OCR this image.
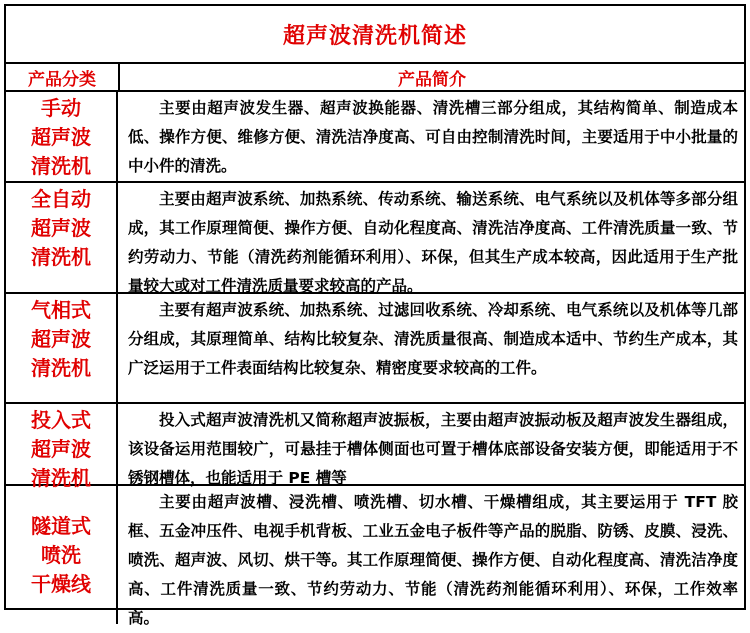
超声波清洗机简述
产品分类	产品简介
手动
超声波
清洗机
主要由超声波发生器、超声波换能器、清洗槽三部分组成，其结构简单、制造成本低、操作方便、维修方便、清洗洁净度高、可自由控制清洗时间，主要适用于中小批量的中小件的清洗。
全自动
超声波
清洗机
主要由超声波系统、加热系统、传动系统、输送系统、电气系统以及机体等多部分组成，其工作原理简便、操作方便、自动化程度高、清洗洁净度高、工件清洗质量一致、节约劳动力、节能（清洗药剂能循环利用）、环保，但其生产成本较高，因此适用于生产批量较大或对工件清洗质量要求较高的产品。
气相式
超声波
清洗机
主要有超声波系统、加热系统、过滤回收系统、冷却系统、电气系统以及机体等几部分组成，其原理简单、结构比较复杂、清洗质量很高、制造成本适中、节约生产成本，其广泛运用于工件表面结构比较复杂、精密度要求较高的工件。
投入式
超声波
清洗机
投入式超声波清洗机又简称超声波振板，主要由超声波振动板及超声波发生器组成，该设备运用范围较广，可悬挂于槽体侧面也可置于槽体底部设备安装方便，即能适用于不锈钢槽体，也能适用于 PE 槽等
隧道式
喷洗
干燥线
主要由超声波槽、浸洗槽、喷洗槽、切水槽、干燥槽组成，其主要运用于 TFT 胶框、五金冲压件、电视手机背板、工业五金电子板件等产品的脱脂、防锈、皮膜、浸洗、喷洗、超声波、风切、烘干等。其工作原理简便、操作方便、自动化程度高、清洗洁净度高、工件清洗质量一致、节约劳动力、节能（清洗药剂能循环利用）、环保，工作效率高。
